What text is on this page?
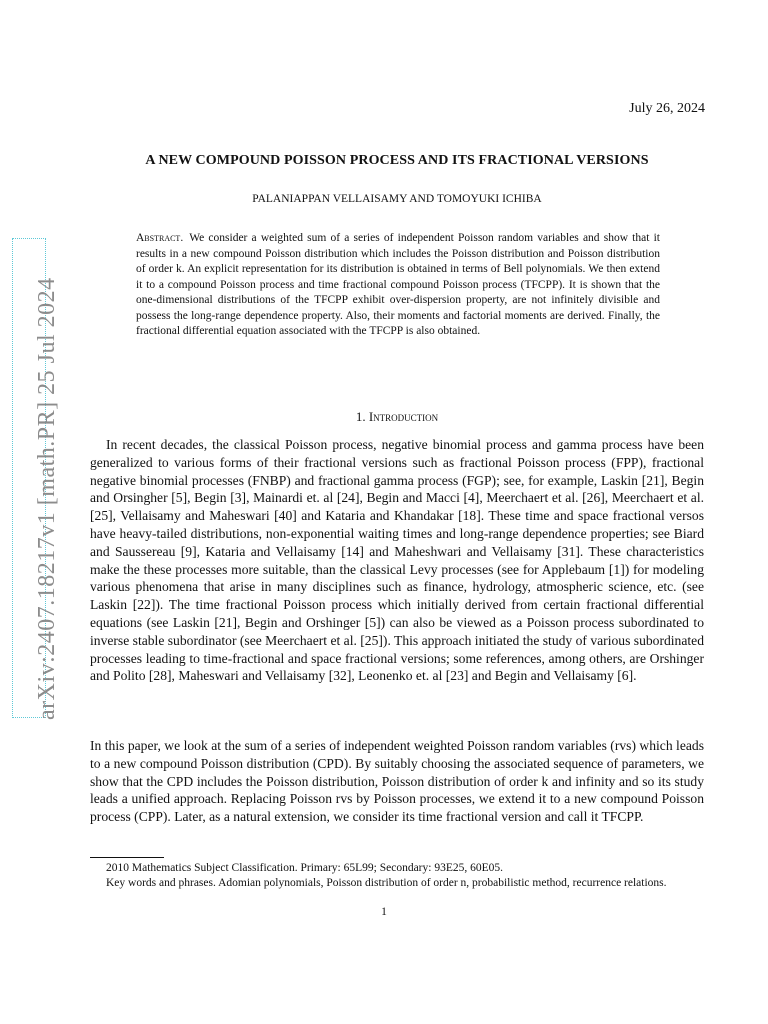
arXiv:2407.18217v1 [math.PR] 25 Jul 2024
July 26, 2024
A NEW COMPOUND POISSON PROCESS AND ITS FRACTIONAL VERSIONS
PALANIAPPAN VELLAISAMY AND TOMOYUKI ICHIBA
Abstract. We consider a weighted sum of a series of independent Poisson random variables and show that it results in a new compound Poisson distribution which includes the Poisson distribution and Poisson distribution of order k. An explicit representation for its distribution is obtained in terms of Bell polynomials. We then extend it to a compound Poisson process and time fractional compound Poisson process (TFCPP). It is shown that the one-dimensional distributions of the TFCPP exhibit over-dispersion property, are not infinitely divisible and possess the long-range dependence property. Also, their moments and factorial moments are derived. Finally, the fractional differential equation associated with the TFCPP is also obtained.
1. Introduction
In recent decades, the classical Poisson process, negative binomial process and gamma process have been generalized to various forms of their fractional versions such as fractional Poisson process (FPP), fractional negative binomial processes (FNBP) and fractional gamma process (FGP); see, for example, Laskin [21], Begin and Orsingher [5], Begin [3], Mainardi et. al [24], Begin and Macci [4], Meerchaert et al. [26], Meerchaert et al. [25], Vellaisamy and Maheswari [40] and Kataria and Khandakar [18]. These time and space fractional versos have heavy-tailed distributions, non-exponential waiting times and long-range dependence properties; see Biard and Saussereau [9], Kataria and Vellaisamy [14] and Maheshwari and Vellaisamy [31]. These characteristics make the these processes more suitable, than the classical Levy processes (see for Applebaum [1]) for modeling various phenomena that arise in many disciplines such as finance, hydrology, atmospheric science, etc. (see Laskin [22]). The time fractional Poisson process which initially derived from certain fractional differential equations (see Laskin [21], Begin and Orshinger [5]) can also be viewed as a Poisson process subordinated to inverse stable subordinator (see Meerchaert et al. [25]). This approach initiated the study of various subordinated processes leading to time-fractional and space fractional versions; some references, among others, are Orshinger and Polito [28], Maheswari and Vellaisamy [32], Leonenko et. al [23] and Begin and Vellaisamy [6].
In this paper, we look at the sum of a series of independent weighted Poisson random variables (rvs) which leads to a new compound Poisson distribution (CPD). By suitably choosing the associated sequence of parameters, we show that the CPD includes the Poisson distribution, Poisson distribution of order k and infinity and so its study leads a unified approach. Replacing Poisson rvs by Poisson processes, we extend it to a new compound Poisson process (CPP). Later, as a natural extension, we consider its time fractional version and call it TFCPP.
2010 Mathematics Subject Classification. Primary: 65L99; Secondary: 93E25, 60E05.
Key words and phrases. Adomian polynomials, Poisson distribution of order n, probabilistic method, recurrence relations.
1
